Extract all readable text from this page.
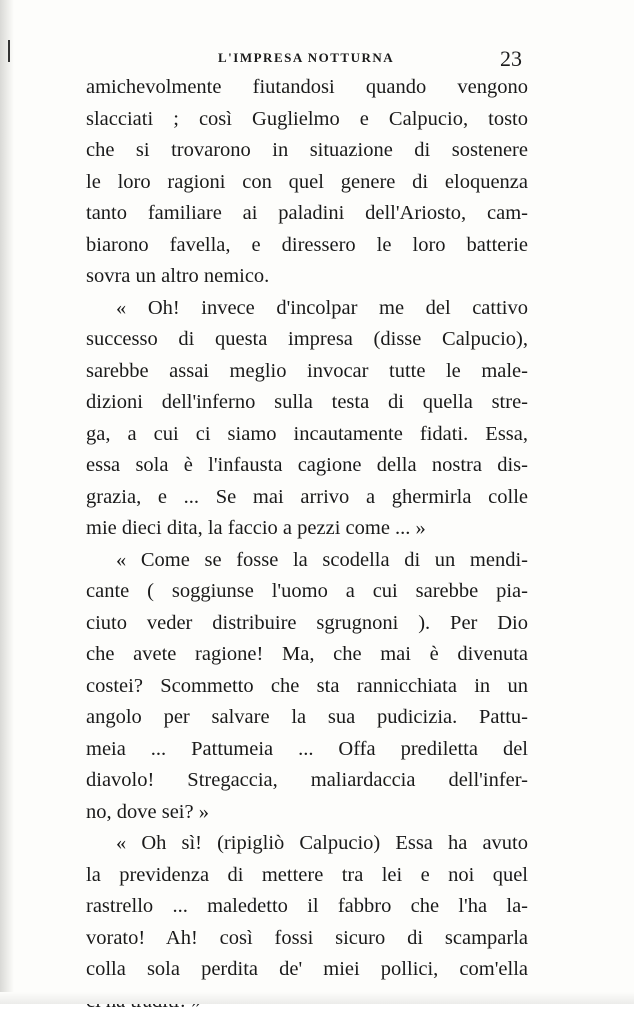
L'IMPRESA NOTTURNA	23
amichevolmente fiutandosi quando vengono
slacciati ; così Guglielmo e Calpucio, tosto
che si trovarono in situazione di sostenere
le loro ragioni con quel genere di eloquenza
tanto familiare ai paladini dell'Ariosto, cam-
biarono favella, e diressero le loro batterie
sovra un altro nemico.
« Oh! invece d'incolpar me del cattivo
successo di questa impresa (disse Calpucio),
sarebbe assai meglio invocar tutte le male-
dizioni dell'inferno sulla testa di quella stre-
ga, a cui ci siamo incautamente fidati. Essa,
essa sola è l'infausta cagione della nostra dis-
grazia, e ... Se mai arrivo a ghermirla colle
mie dieci dita, la faccio a pezzi come ... »
« Come se fosse la scodella di un mendi-
cante ( soggiunse l'uomo a cui sarebbe pia-
ciuto veder distribuire sgrugnoni ). Per Dio
che avete ragione! Ma, che mai è divenuta
costei? Scommetto che sta rannicchiata in un
angolo per salvare la sua pudicizia. Pattu-
meia ... Pattumeia ... Offa prediletta del
diavolo! Stregaccia, maliardaccia dell'infer-
no, dove sei? »
« Oh sì! (ripigliò Calpucio) Essa ha avuto
la previdenza di mettere tra lei e noi quel
rastrello ... maledetto il fabbro che l'ha la-
vorato! Ah! così fossi sicuro di scamparla
colla sola perdita de' miei pollici, com'ella
